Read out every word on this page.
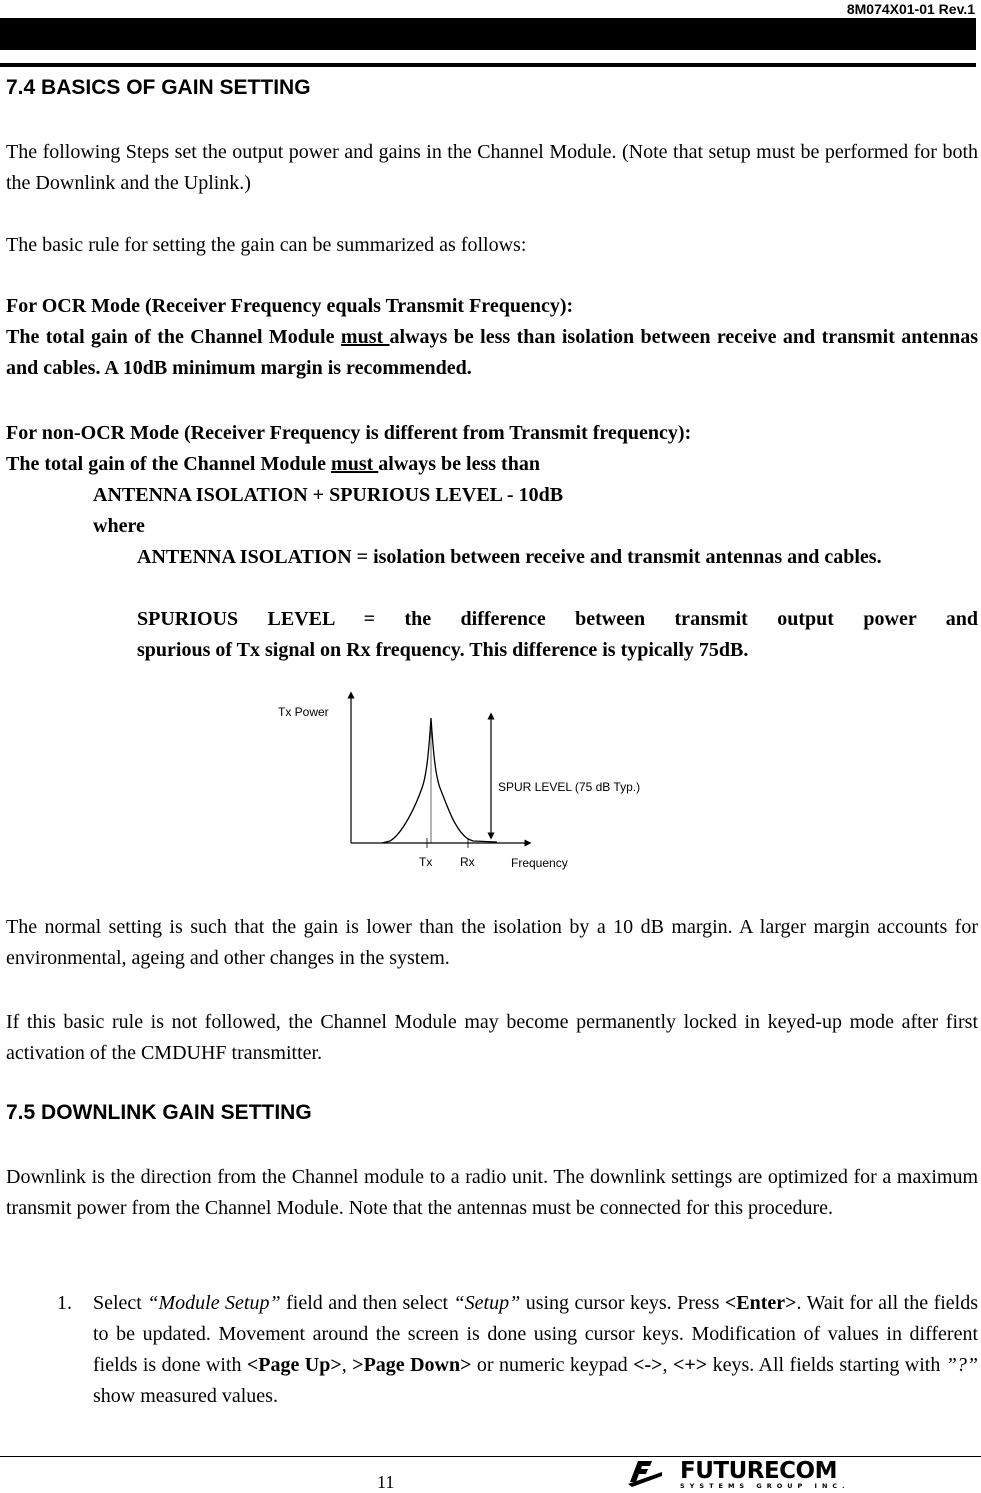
8M074X01-01 Rev.1
7.4 BASICS OF GAIN SETTING
The following Steps set the output power and gains in the Channel Module. (Note that setup must be performed for both the Downlink and the Uplink.)
The basic rule for setting the gain can be summarized as follows:
For OCR Mode (Receiver Frequency equals Transmit Frequency):
The total gain of the Channel Module must always be less than isolation between receive and transmit antennas and cables. A 10dB minimum margin is recommended.
For non-OCR Mode (Receiver Frequency is different from Transmit frequency):
The total gain of the Channel Module must always be less than
ANTENNA ISOLATION + SPURIOUS LEVEL - 10dB
where
ANTENNA ISOLATION = isolation between receive and transmit antennas and cables.
SPURIOUS  LEVEL  =  the  difference  between  transmit  output  power  and
spurious of Tx signal on Rx frequency. This difference is typically 75dB.
Tx Power
SPUR LEVEL (75 dB Typ.)
Tx Rx	Frequency
The normal setting is such that the gain is lower than the isolation by a 10 dB margin. A larger margin accounts for environmental, ageing and other changes in the system.
If this basic rule is not followed, the Channel Module may become permanently locked in keyed-up mode after first activation of the CMDUHF transmitter.
7.5 DOWNLINK GAIN SETTING
Downlink is the direction from the Channel module to a radio unit. The downlink settings are optimized for a maximum transmit power from the Channel Module. Note that the antennas must be connected for this procedure.
1. Select “Module Setup” field and then select “Setup” using cursor keys. Press <Enter>. Wait for all the fields to be updated. Movement around the screen is done using cursor keys. Modification of values in different fields is done with <Page Up>, >Page Down> or numeric keypad <->, <+> keys. All fields starting with ”?” show measured values.
11	FUTURECOM
SYSTEMS GROUP INC.
